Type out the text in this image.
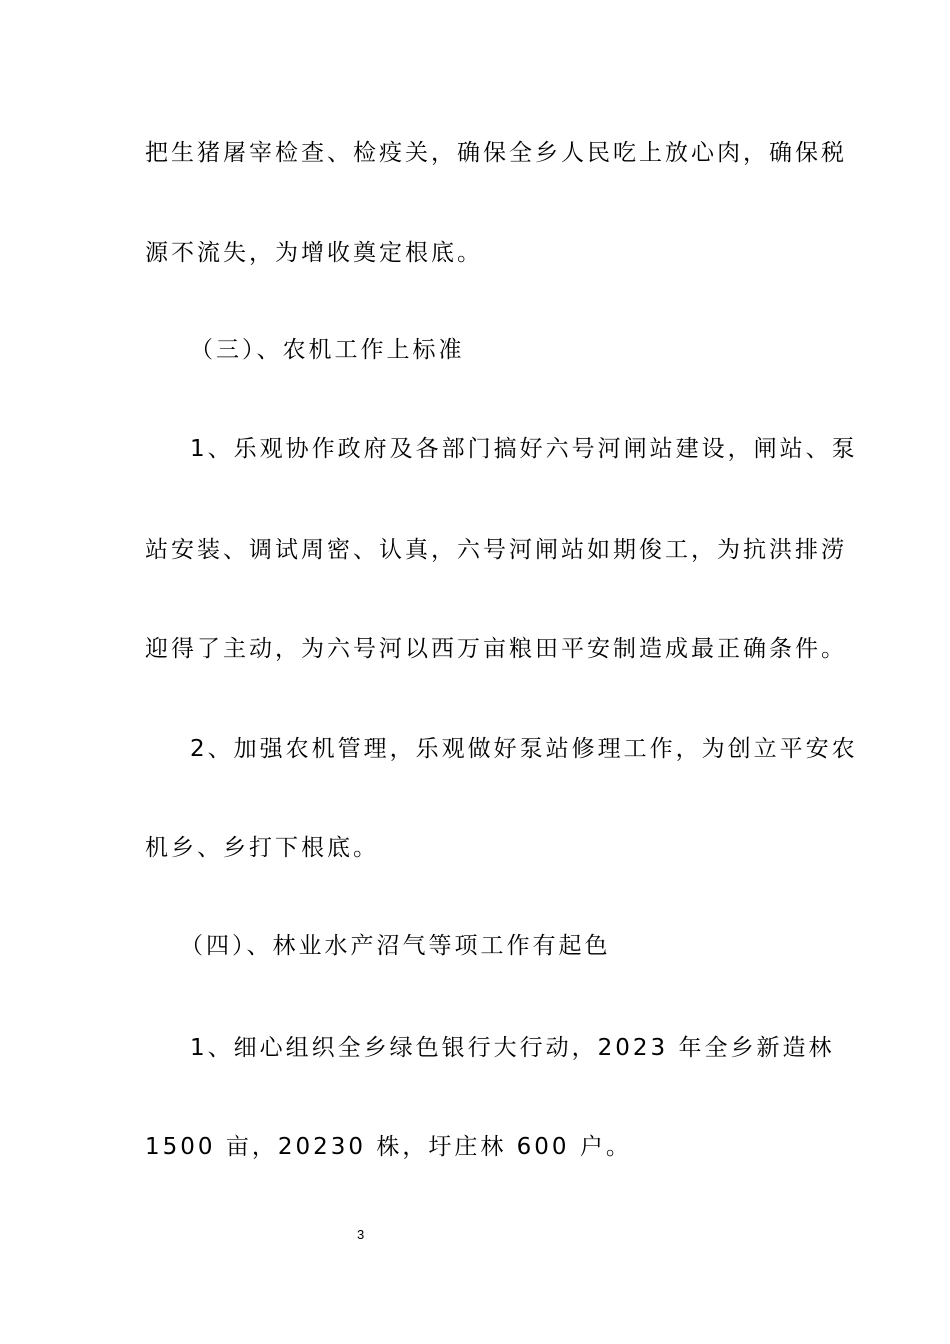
把生猪屠宰检查、检疫关，确保全乡人民吃上放心肉，确保税

源不流失，为增收奠定根底。

（三）、农机工作上标准

1、乐观协作政府及各部门搞好六号河闸站建设，闸站、泵

站安装、调试周密、认真，六号河闸站如期俊工，为抗洪排涝

迎得了主动，为六号河以西万亩粮田平安制造成最正确条件。

2、加强农机管理，乐观做好泵站修理工作，为创立平安农

机乡、乡打下根底。

（四）、林业水产沼气等项工作有起色

1、细心组织全乡绿色银行大行动，2023 年全乡新造林

1500 亩，20230 株，圩庄林 600 户。

3
